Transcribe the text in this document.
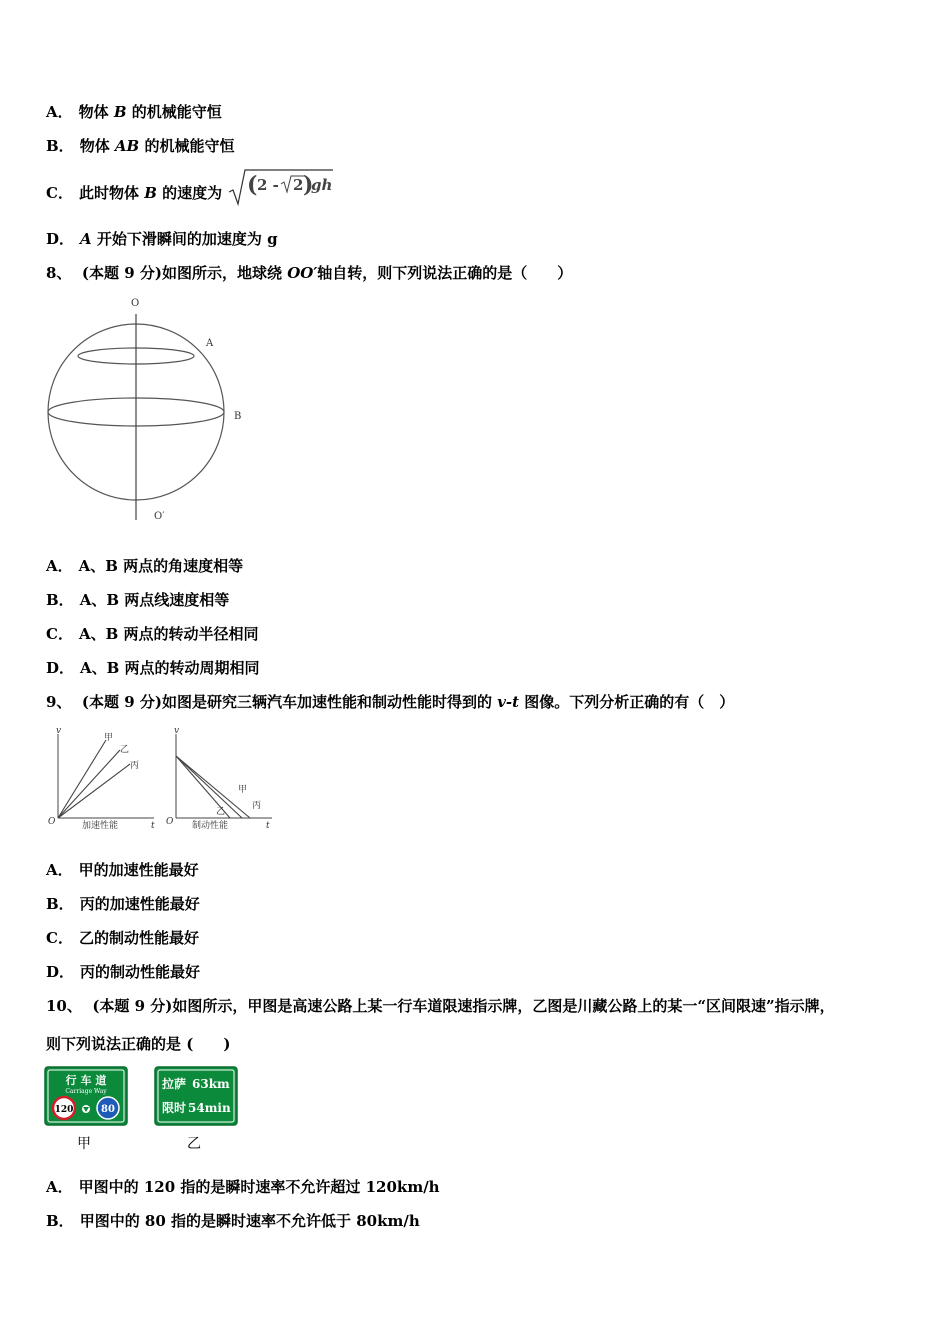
A． 物体 B 的机械能守恒
B． 物体 AB 的机械能守恒
C． 此时物体 B 的速度为 ( 2 - 2 )
gh
D． A 开始下滑瞬间的加速度为 g
8、 (本题 9 分)如图所示，地球绕 OO′轴自转，则下列说法正确的是（　　）
O
A
B
O′
A． A、B 两点的角速度相等
B． A、B 两点线速度相等
C． A、B 两点的转动半径相同
D． A、B 两点的转动周期相同
9、 (本题 9 分)如图是研究三辆汽车加速性能和制动性能时得到的 v-t 图像。下列分析正确的有（　）
v
t
O
甲
乙
丙
加速性能
v
t
O
甲
丙
乙
制动性能
A． 甲的加速性能最好
B． 丙的加速性能最好
C． 乙的制动性能最好
D． 丙的制动性能最好
10、 (本题 9 分)如图所示，甲图是高速公路上某一行车道限速指示牌，乙图是川藏公路上的某一“区间限速”指示牌，
则下列说法正确的是 (　　)
行 车 道
Carriage Way
120	80
甲
拉萨 63km
限时 54min
乙
A． 甲图中的 120 指的是瞬时速率不允许超过 120km/h
B． 甲图中的 80 指的是瞬时速率不允许低于 80km/h
